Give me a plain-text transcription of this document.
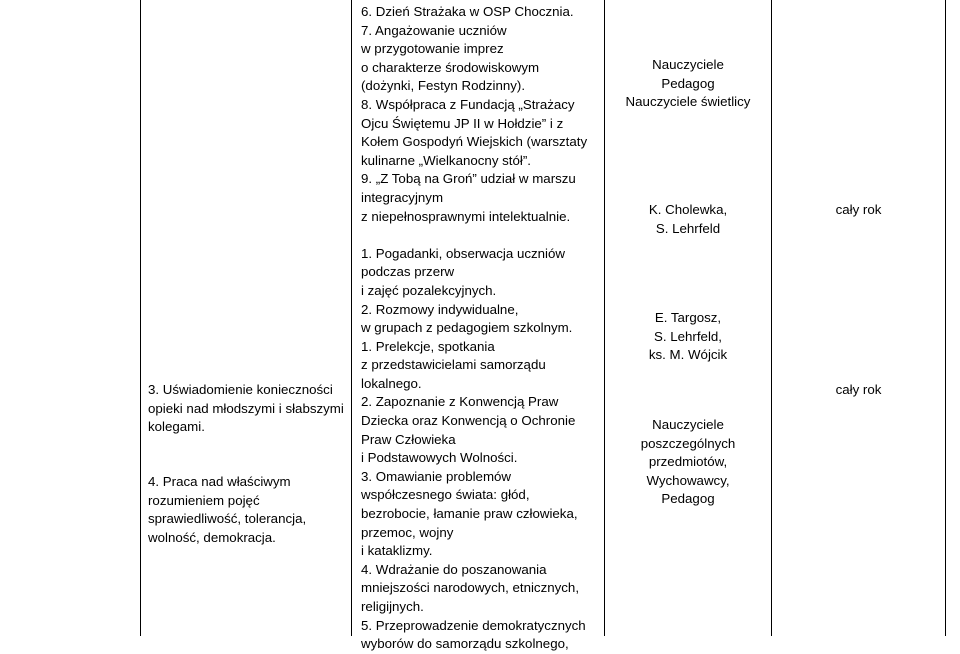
3. Uświadomienie konieczności
opieki nad młodszymi i słabszymi
kolegami.
4. Praca nad właściwym
rozumieniem pojęć
sprawiedliwość, tolerancja,
wolność, demokracja.
6. Dzień Strażaka w OSP Chocznia.
7. Angażowanie uczniów
w przygotowanie imprez
o charakterze środowiskowym
(dożynki, Festyn Rodzinny).
8. Współpraca z Fundacją „Strażacy
Ojcu Świętemu JP II w Hołdzie” i z
Kołem Gospodyń Wiejskich (warsztaty
kulinarne „Wielkanocny stół”.
9. „Z Tobą na Groń” udział w marszu
integracyjnym
z niepełnosprawnymi intelektualnie.
1. Pogadanki, obserwacja uczniów
podczas przerw
i zajęć pozalekcyjnych.
2. Rozmowy indywidualne,
w grupach z pedagogiem szkolnym.
1. Prelekcje, spotkania
z przedstawicielami samorządu
lokalnego.
2. Zapoznanie z Konwencją Praw
Dziecka oraz Konwencją o Ochronie
Praw Człowieka
i Podstawowych Wolności.
3. Omawianie problemów
współczesnego świata: głód,
bezrobocie, łamanie praw człowieka,
przemoc, wojny
i kataklizmy.
4. Wdrażanie do poszanowania
mniejszości narodowych, etnicznych,
religijnych.
5. Przeprowadzenie demokratycznych
wyborów do samorządu szkolnego,
Nauczyciele
Pedagog
Nauczyciele świetlicy
K. Cholewka,
S. Lehrfeld
E. Targosz,
S. Lehrfeld,
ks. M. Wójcik
Nauczyciele
poszczególnych
przedmiotów,
Wychowawcy,
Pedagog
cały rok
cały rok
